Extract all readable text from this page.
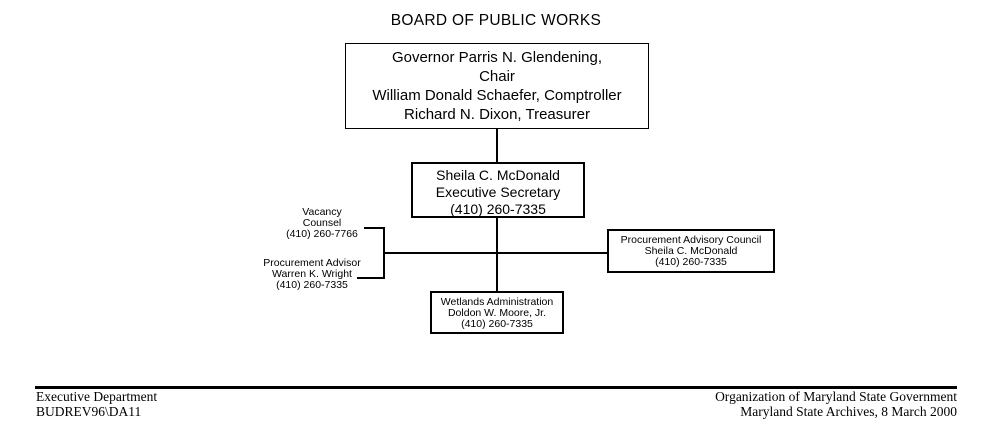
BOARD OF PUBLIC WORKS
Governor Parris N. Glendening,
Chair
William Donald Schaefer, Comptroller
Richard N. Dixon, Treasurer
Sheila C. McDonald
Executive Secretary
(410) 260-7335
Vacancy
Counsel
(410) 260-7766
Procurement Advisor
Warren K. Wright
(410) 260-7335
Procurement Advisory Council
Sheila C. McDonald
(410) 260-7335
Wetlands Administration
Doldon W. Moore, Jr.
(410) 260-7335
Executive Department
BUDREV96\DA11
Organization of Maryland State Government
Maryland State Archives, 8 March 2000
